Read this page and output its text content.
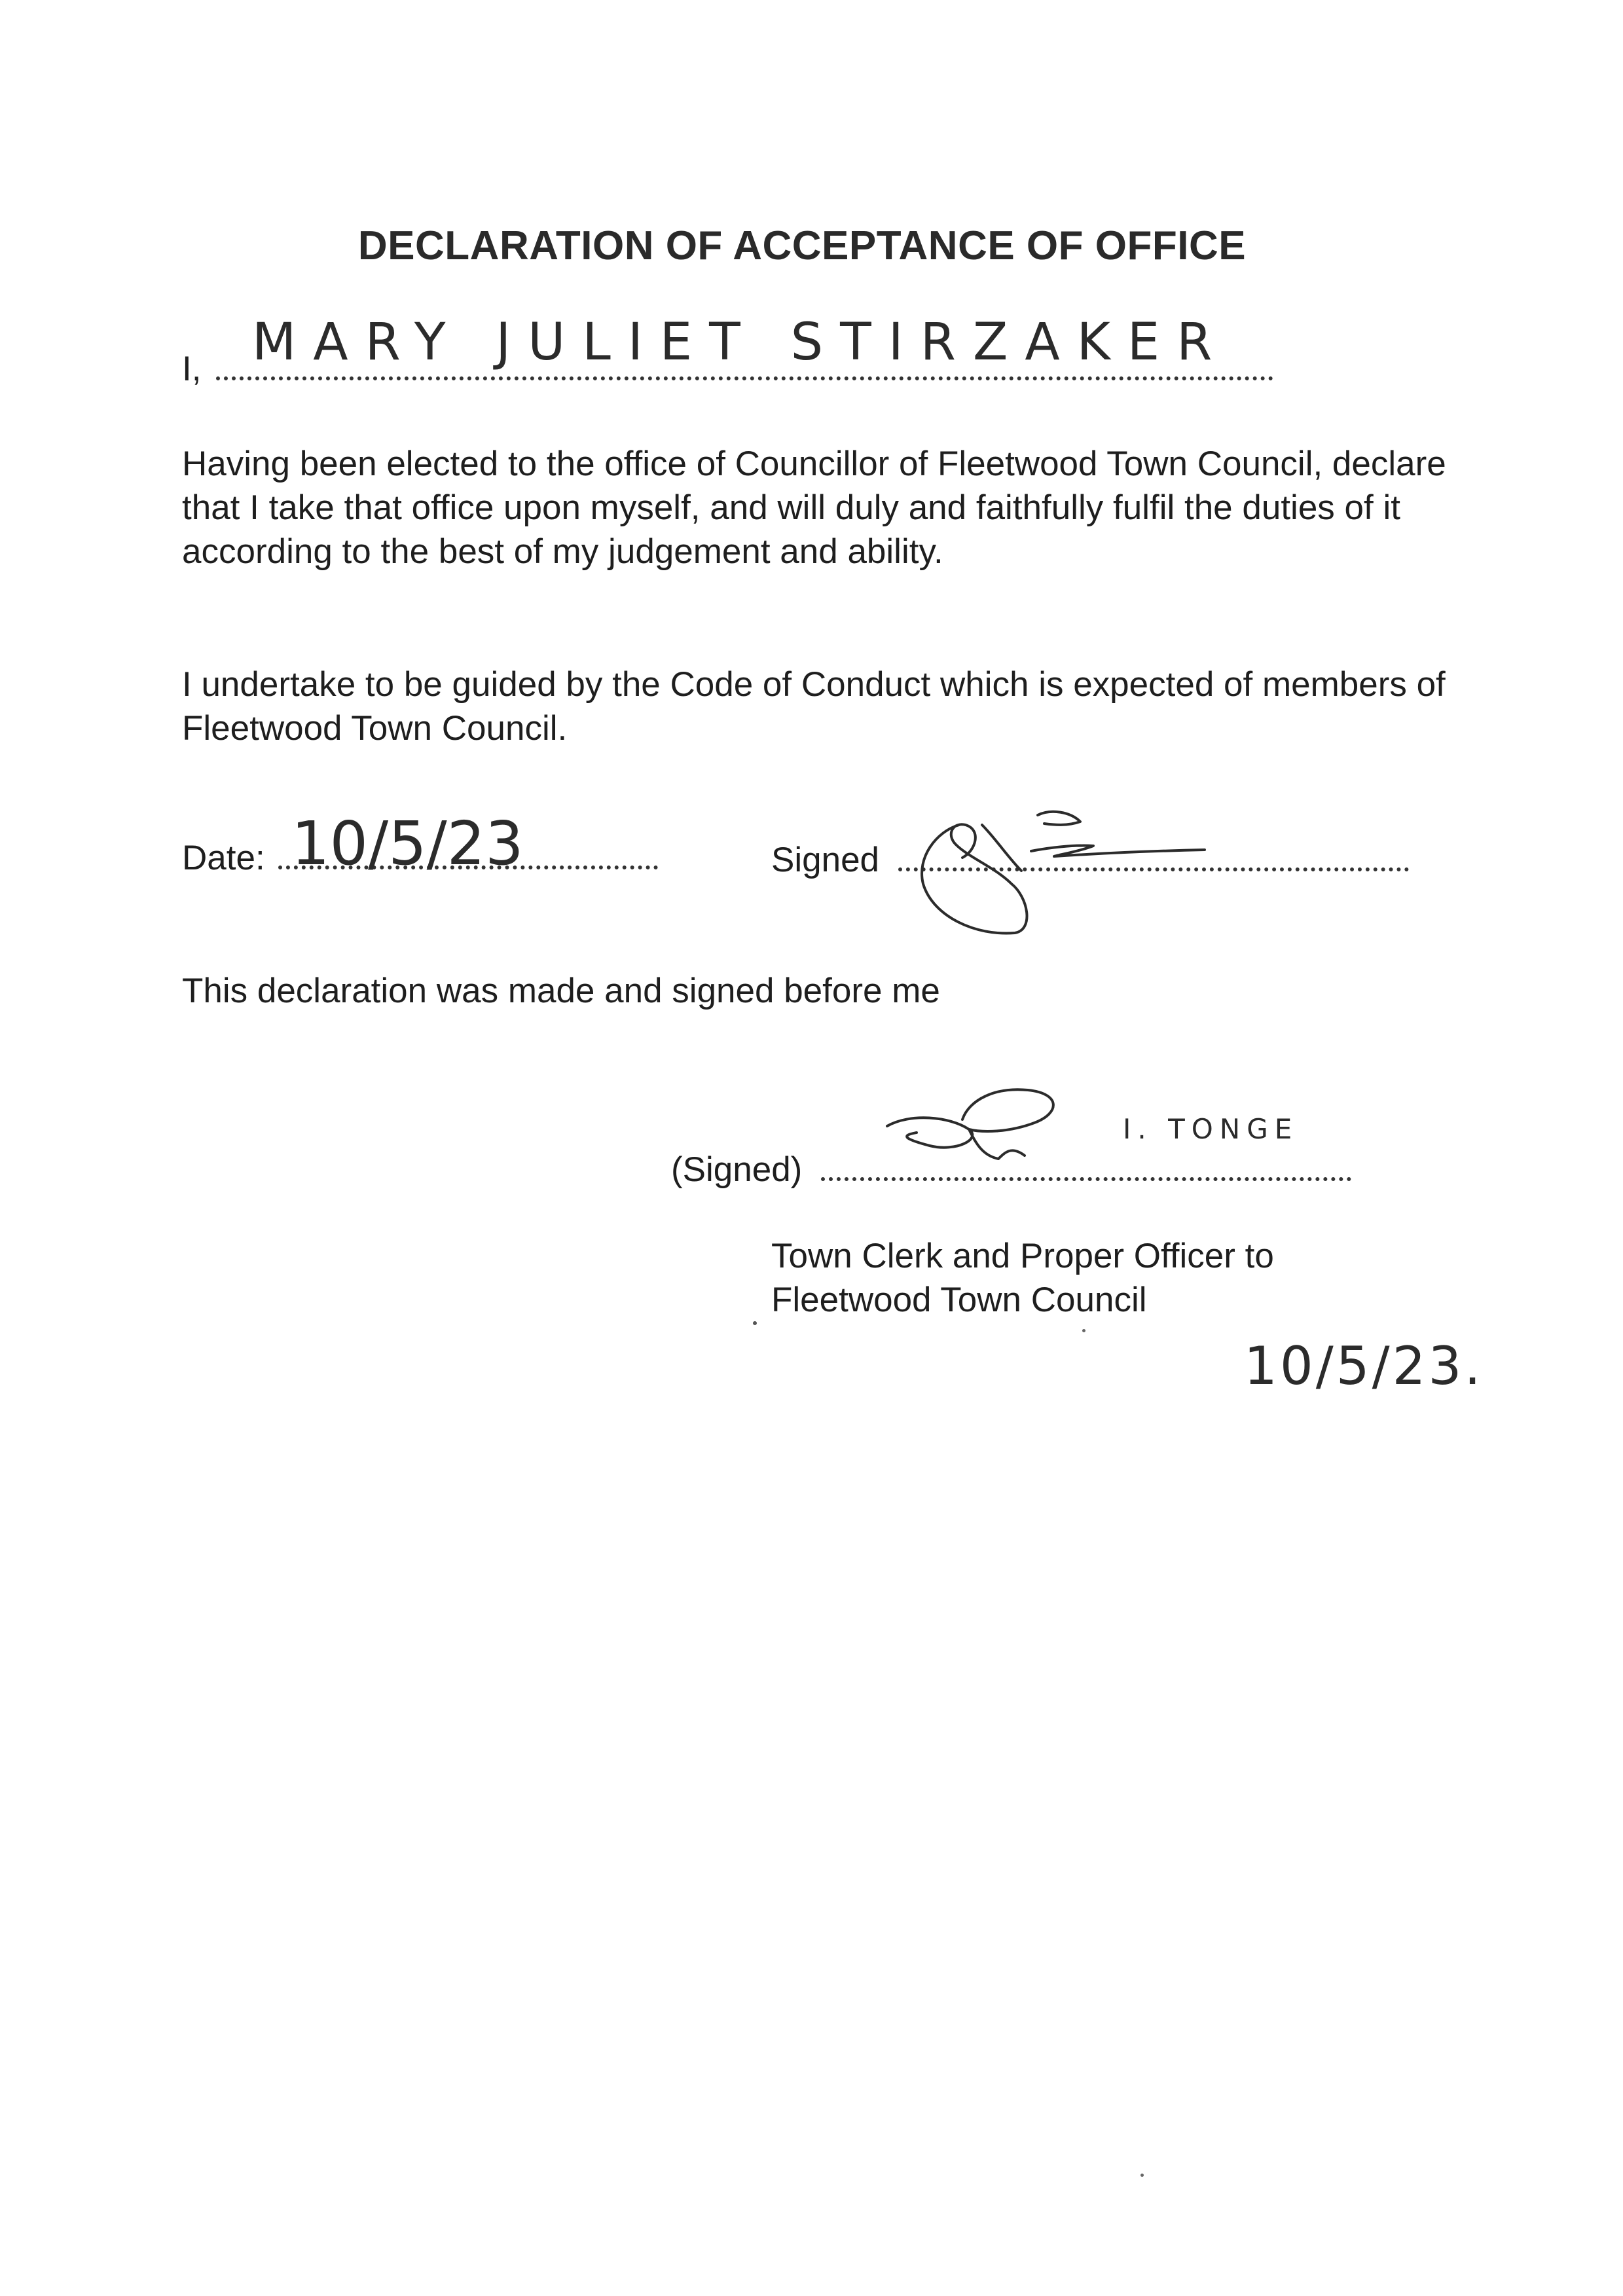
DECLARATION OF ACCEPTANCE OF OFFICE
I, MARY JULIET STIRZAKER
Having been elected to the office of Councillor of Fleetwood Town Council, declare that I take that office upon myself, and will duly and faithfully fulfil the duties of it according to the best of my judgement and ability.
I undertake to be guided by the Code of Conduct which is expected of members of Fleetwood Town Council.
Date: 10/5/23	Signed
This declaration was made and signed before me
(Signed)
I. TONGE
Town Clerk and Proper Officer to
Fleetwood Town Council
10/5/23.
